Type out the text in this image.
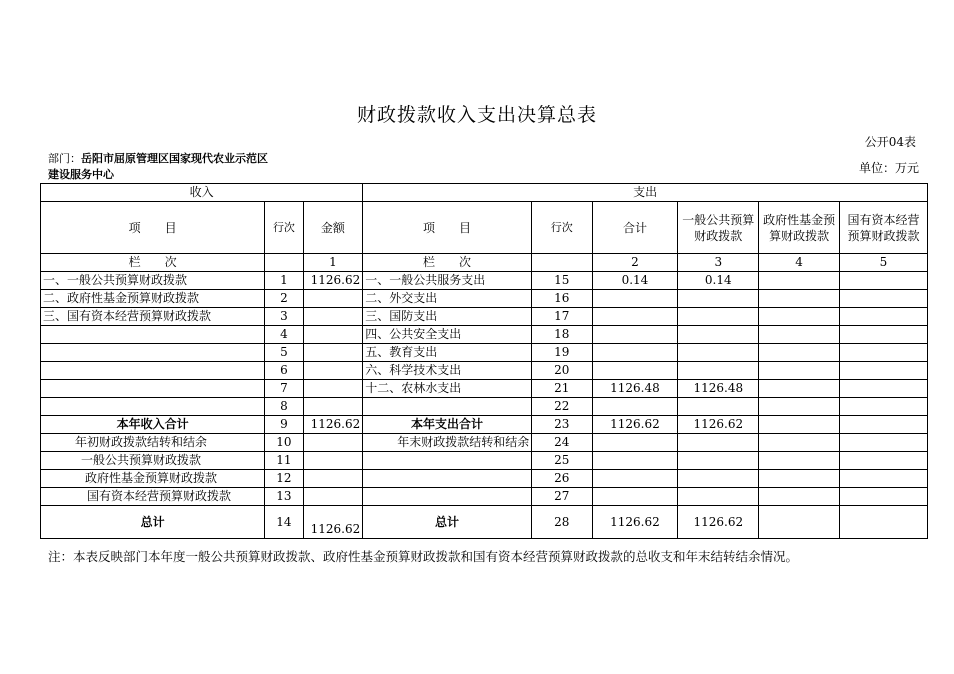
财政拨款收入支出决算总表
公开04表
部门：岳阳市屈原管理区国家现代农业示范区
建设服务中心	单位：万元
收入			支出					
项　　目	行次	金额	项　　目	行次	合计	一般公共预算财政拨款	政府性基金预算财政拨款	国有资本经营预算财政拨款
栏　　次		1	栏　　次		2	3	4	5
一、一般公共预算财政拨款	1	1126.62	一、一般公共服务支出	15	0.14	0.14		
二、政府性基金预算财政拨款	2		二、外交支出	16				
三、国有资本经营预算财政拨款	3		三、国防支出	17				
	4		四、公共安全支出	18				
	5		五、教育支出	19				
	6		六、科学技术支出	20				
	7		十二、农林水支出	21	1126.48	1126.48		
	8			22				
本年收入合计	9	1126.62	本年支出合计	23	1126.62	1126.62		
年初财政拨款结转和结余	10		年末财政拨款结转和结余	24				
一般公共预算财政拨款	11			25				
政府性基金预算财政拨款	12			26				
国有资本经营预算财政拨款	13			27				
总计	14	1126.62	总计	28	1126.62	1126.62		
注：本表反映部门本年度一般公共预算财政拨款、政府性基金预算财政拨款和国有资本经营预算财政拨款的总收支和年末结转结余情况。
